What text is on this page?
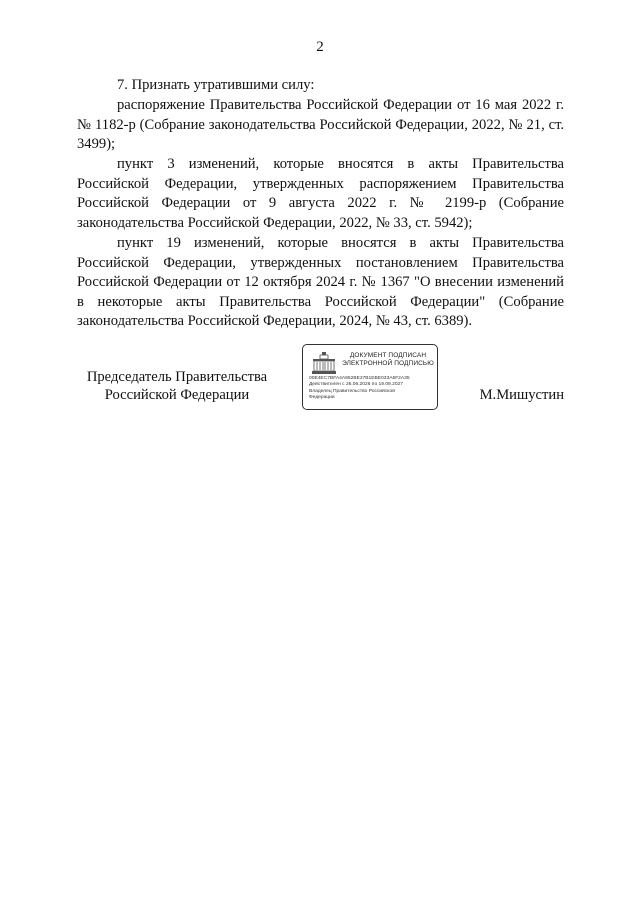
2

7. Признать утратившими силу:

распоряжение Правительства Российской Федерации от 16 мая 2022 г. № 1182-р (Собрание законодательства Российской Федерации, 2022, № 21, ст. 3499);

пункт 3 изменений, которые вносятся в акты Правительства Российской Федерации, утвержденных распоряжением Правительства Российской Федерации от 9 августа 2022 г. № 2199-р (Собрание законодательства Российской Федерации, 2022, № 33, ст. 5942);

пункт 19 изменений, которые вносятся в акты Правительства Российской Федерации, утвержденных постановлением Правительства Российской Федерации от 12 октября 2024 г. № 1367 "О внесении изменений в некоторые акты Правительства Российской Федерации" (Собрание законодательства Российской Федерации, 2024, № 43, ст. 6389).

Председатель Правительства
Российской Федерации
ДОКУМЕНТ ПОДПИСАН
ЭЛЕКТРОННОЙ ПОДПИСЬЮ
00E4EC7BFA4A952BE27B1EBE033A6F2A35
Действителен с 26.06.2026 по 19.09.2027
Владелец Правительство Российской
Федерации	М.Мишустин
